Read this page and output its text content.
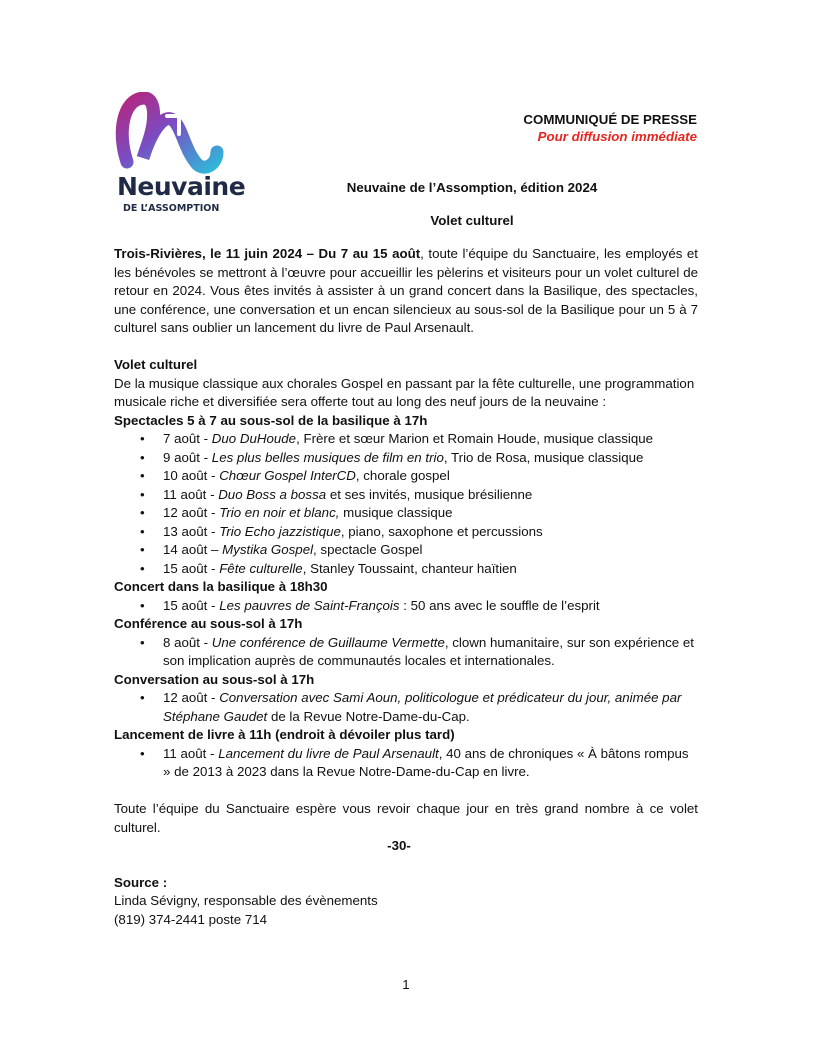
Neuvaine
DE L’ASSOMPTION
COMMUNIQUÉ DE PRESSE
Pour diffusion immédiate
Neuvaine de l’Assomption, édition 2024
Volet culturel

Trois-Rivières, le 11 juin 2024 – Du 7 au 15 août, toute l’équipe du Sanctuaire, les employés et les bénévoles se mettront à l’œuvre pour accueillir les pèlerins et visiteurs pour un volet culturel de retour en 2024. Vous êtes invités à assister à un grand concert dans la Basilique, des spectacles, une conférence, une conversation et un encan silencieux au sous-sol de la Basilique pour un 5 à 7 culturel sans oublier un lancement du livre de Paul Arsenault.

Volet culturel

De la musique classique aux chorales Gospel en passant par la fête culturelle, une programmation musicale riche et diversifiée sera offerte tout au long des neuf jours de la neuvaine :

Spectacles 5 à 7 au sous-sol de la basilique à 17h

• 7 août - Duo DuHoude, Frère et sœur Marion et Romain Houde, musique classique
• 9 août - Les plus belles musiques de film en trio, Trio de Rosa, musique classique
• 10 août - Chœur Gospel InterCD, chorale gospel
• 11 août - Duo Boss a bossa et ses invités, musique brésilienne
• 12 août - Trio en noir et blanc, musique classique
• 13 août - Trio Echo jazzistique, piano, saxophone et percussions
• 14 août – Mystika Gospel, spectacle Gospel
• 15 août - Fête culturelle, Stanley Toussaint, chanteur haïtien

Concert dans la basilique à 18h30

• 15 août - Les pauvres de Saint-François : 50 ans avec le souffle de l’esprit

Conférence au sous-sol à 17h

• 8 août - Une conférence de Guillaume Vermette, clown humanitaire, sur son expérience et son implication auprès de communautés locales et internationales.

Conversation au sous-sol à 17h

• 12 août - Conversation avec Sami Aoun, politicologue et prédicateur du jour, animée par Stéphane Gaudet de la Revue Notre-Dame-du-Cap.

Lancement de livre à 11h (endroit à dévoiler plus tard)

• 11 août - Lancement du livre de Paul Arsenault, 40 ans de chroniques « À bâtons rompus » de 2013 à 2023 dans la Revue Notre-Dame-du-Cap en livre.

Toute l’équipe du Sanctuaire espère vous revoir chaque jour en très grand nombre à ce volet culturel.

-30-

Source :

Linda Sévigny, responsable des évènements

(819) 374-2441 poste 714

1
